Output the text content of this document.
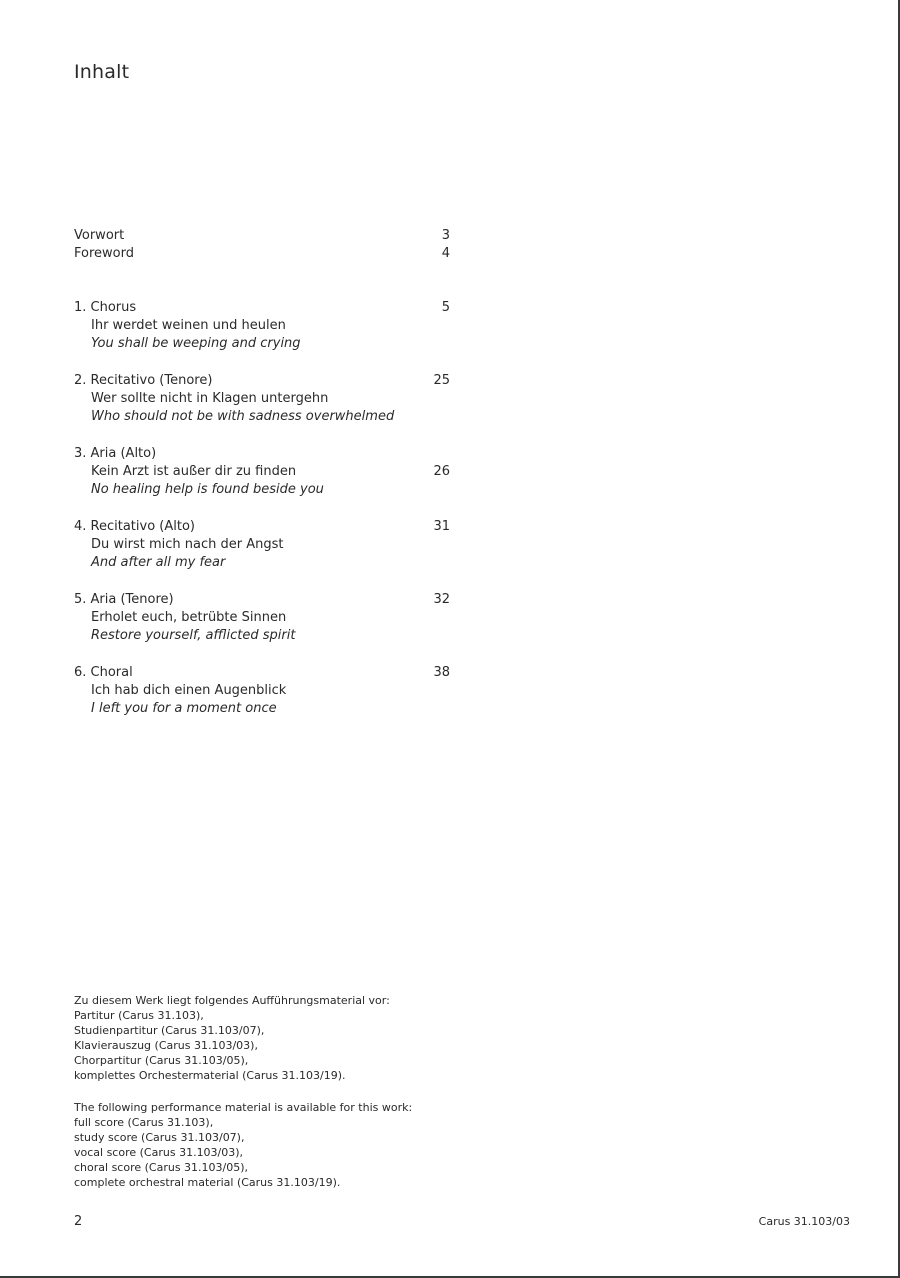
Inhalt
Vorwort	3
Foreword	4
1. Chorus	5
Ihr werdet weinen und heulen
You shall be weeping and crying
2. Recitativo (Tenore)	25
Wer sollte nicht in Klagen untergehn
Who should not be with sadness overwhelmed
3. Aria (Alto)
Kein Arzt ist außer dir zu finden	26
No healing help is found beside you
4. Recitativo (Alto)	31
Du wirst mich nach der Angst
And after all my fear
5. Aria (Tenore)	32
Erholet euch, betrübte Sinnen
Restore yourself, afflicted spirit
6. Choral	38
Ich hab dich einen Augenblick
I left you for a moment once
Zu diesem Werk liegt folgendes Aufführungsmaterial vor:
Partitur (Carus 31.103),
Studienpartitur (Carus 31.103/07),
Klavierauszug (Carus 31.103/03),
Chorpartitur (Carus 31.103/05),
komplettes Orchestermaterial (Carus 31.103/19).
The following performance material is available for this work:
full score (Carus 31.103),
study score (Carus 31.103/07),
vocal score (Carus 31.103/03),
choral score (Carus 31.103/05),
complete orchestral material (Carus 31.103/19).
2	Carus 31.103/03
